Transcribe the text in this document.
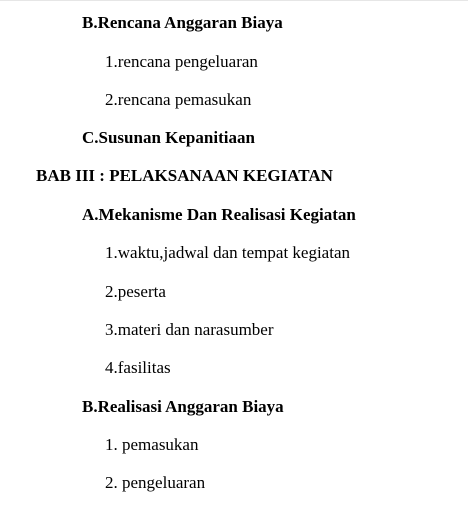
B.Rencana Anggaran Biaya
1.rencana pengeluaran
2.rencana pemasukan
C.Susunan Kepanitiaan
BAB III : PELAKSANAAN KEGIATAN
A.Mekanisme Dan Realisasi Kegiatan
1.waktu,jadwal dan tempat kegiatan
2.peserta
3.materi dan narasumber
4.fasilitas
B.Realisasi Anggaran Biaya
1. pemasukan
2. pengeluaran
